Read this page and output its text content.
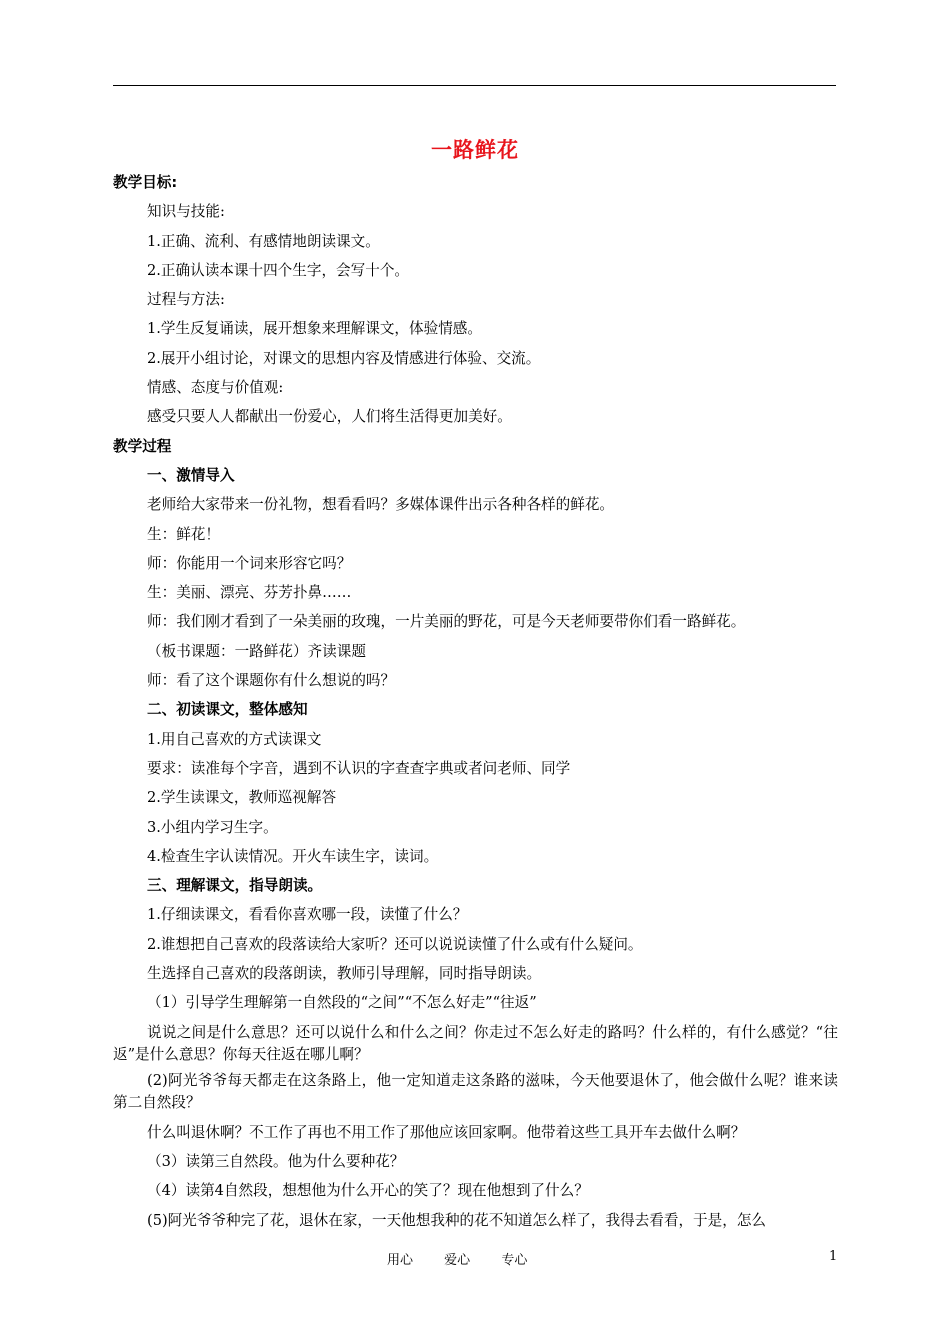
一路鲜花
教学目标:
知识与技能:
1.正确、流利、有感情地朗读课文。
2.正确认读本课十四个生字，会写十个。
过程与方法:
1.学生反复诵读，展开想象来理解课文，体验情感。
2.展开小组讨论，对课文的思想内容及情感进行体验、交流。
情感、态度与价值观:
感受只要人人都献出一份爱心，人们将生活得更加美好。
教学过程
一、激情导入
老师给大家带来一份礼物，想看看吗？多媒体课件出示各种各样的鲜花。
生：鲜花！
师：你能用一个词来形容它吗？
生：美丽、漂亮、芬芳扑鼻……
师：我们刚才看到了一朵美丽的玫瑰，一片美丽的野花，可是今天老师要带你们看一路鲜花。
（板书课题：一路鲜花）齐读课题
师：看了这个课题你有什么想说的吗？
二、初读课文，整体感知
1.用自己喜欢的方式读课文
要求：读准每个字音，遇到不认识的字查查字典或者问老师、同学
2.学生读课文，教师巡视解答
3.小组内学习生字。
4.检查生字认读情况。开火车读生字，读词。
三、理解课文，指导朗读。
1.仔细读课文，看看你喜欢哪一段，读懂了什么？
2.谁想把自己喜欢的段落读给大家听？还可以说说读懂了什么或有什么疑问。
生选择自己喜欢的段落朗读，教师引导理解，同时指导朗读。
（1）引导学生理解第一自然段的“之间”“不怎么好走”“往返”
说说之间是什么意思？还可以说什么和什么之间？你走过不怎么好走的路吗？什么样的，有什么感觉？“往返”是什么意思？你每天往返在哪儿啊？
(2)阿光爷爷每天都走在这条路上，他一定知道走这条路的滋味，今天他要退休了，他会做什么呢？谁来读第二自然段？
什么叫退休啊？不工作了再也不用工作了那他应该回家啊。他带着这些工具开车去做什么啊？
（3）读第三自然段。他为什么要种花？
（4）读第4自然段，想想他为什么开心的笑了？现在他想到了什么？
(5)阿光爷爷种完了花，退休在家，一天他想我种的花不知道怎么样了，我得去看看，于是，怎么
用心 爱心 专心	1
